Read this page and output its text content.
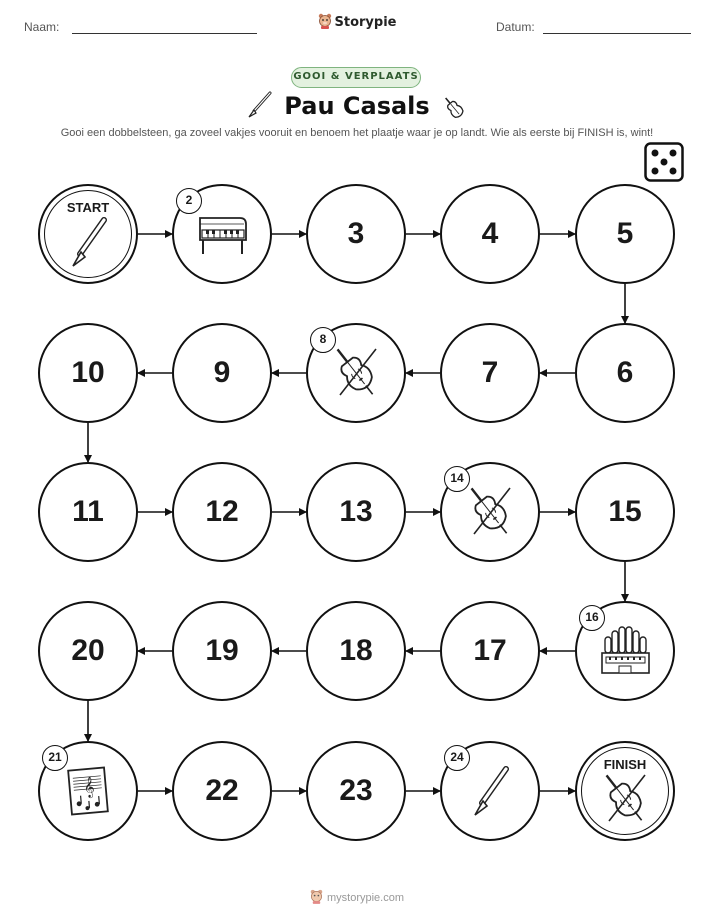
Naam:	Datum:
Storypie
GOOI & VERPLAATS
Pau Casals
Gooi een dobbelsteen, ga zoveel vakjes vooruit en benoem het plaatje waar je op landt. Wie als eerste bij FINISH is, wint!
START	2
3	4	5
6
7
8
9
10
11	12	13
14
15
16
17
18
19
20
𝄞
21
22	23
24	FINISH
mystorypie.com
